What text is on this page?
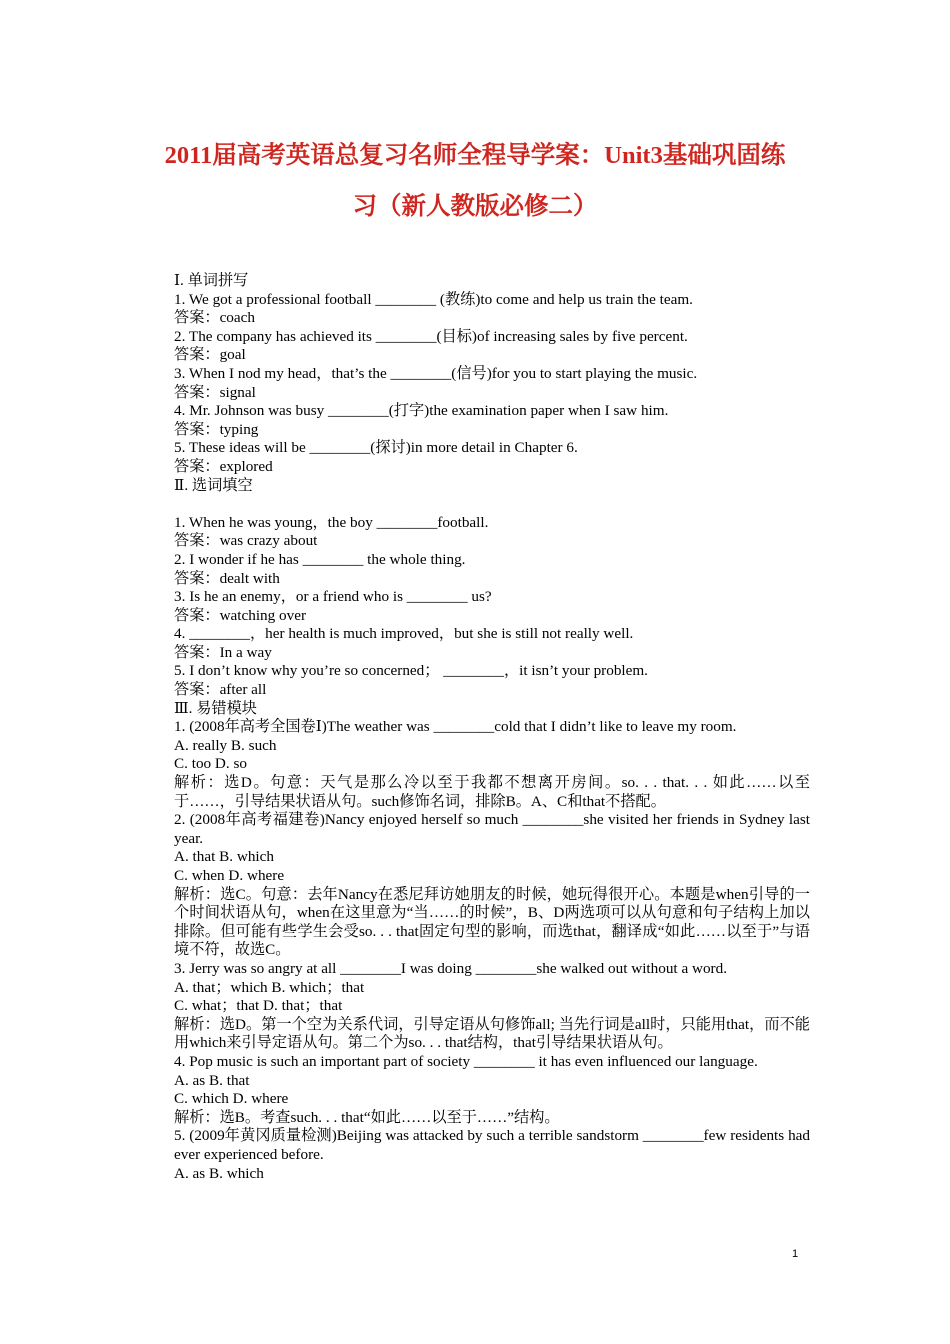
2011届高考英语总复习名师全程导学案：Unit3基础巩固练
习（新人教版必修二）
Ⅰ. 单词拼写
1. We got a professional football ________ (教练)to come and help us train the team.
答案：coach
2. The company has achieved its ________(目标)of increasing sales by five percent.
答案：goal
3. When I nod my head，that’s the ________(信号)for you to start playing the music.
答案：signal
4. Mr. Johnson was busy ________(打字)the examination paper when I saw him.
答案：typing
5. These ideas will be ________(探讨)in more detail in Chapter 6.
答案：explored
Ⅱ. 选词填空
1. When he was young，the boy ________football.
答案：was crazy about
2. I wonder if he has ________ the whole thing.
答案：dealt with
3. Is he an enemy，or a friend who is ________ us?
答案：watching over
4. ________，her health is much improved，but she is still not really well.
答案：In a way
5. I don’t know why you’re so concerned； ________，it isn’t your problem.
答案：after all
Ⅲ. 易错模块
1. (2008年高考全国卷Ⅰ)The weather was ________cold that I didn’t like to leave my room.
A. really B. such
C. too D. so
解析：选D。句意：天气是那么冷以至于我都不想离开房间。so. . . that. . . 如此……以至于……，引导结果状语从句。such修饰名词，排除B。A、C和that不搭配。
2. (2008年高考福建卷)Nancy enjoyed herself so much ________she visited her friends in Sydney last year.
A. that B. which
C. when D. where
解析：选C。句意：去年Nancy在悉尼拜访她朋友的时候，她玩得很开心。本题是when引导的一个时间状语从句，when在这里意为“当……的时候”，B、D两选项可以从句意和句子结构上加以排除。但可能有些学生会受so. . . that固定句型的影响，而选that，翻译成“如此……以至于”与语境不符，故选C。
3. Jerry was so angry at all ________I was doing ________she walked out without a word.
A. that；which B. which；that
C. what；that D. that；that
解析：选D。第一个空为关系代词，引导定语从句修饰all; 当先行词是all时，只能用that，而不能用which来引导定语从句。第二个为so. . . that结构，that引导结果状语从句。
4. Pop music is such an important part of society ________ it has even influenced our language.
A. as B. that
C. which D. where
解析：选B。考查such. . . that“如此……以至于……”结构。
5. (2009年黄冈质量检测)Beijing was attacked by such a terrible sandstorm ________few residents had ever experienced before.
A. as B. which
1
